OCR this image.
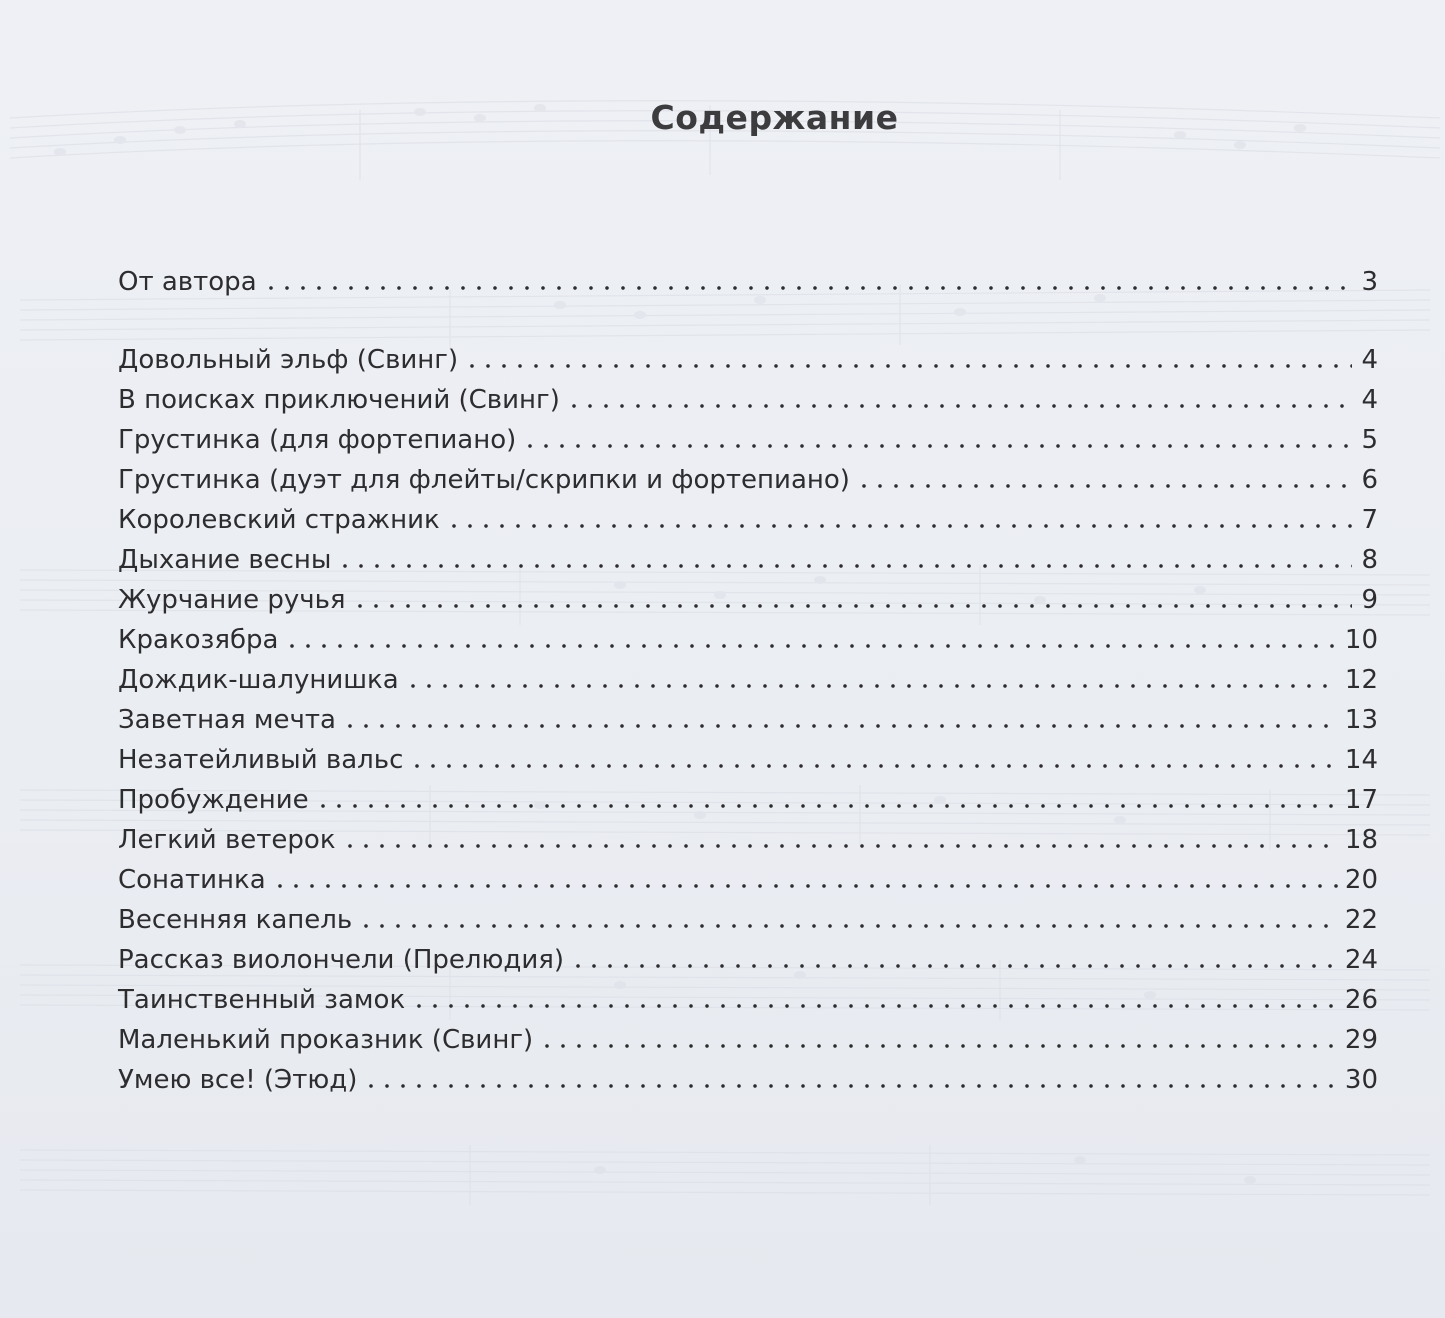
Содержание
От автора	3
Довольный эльф (Свинг)	4
В поисках приключений (Свинг)	4
Грустинка (для фортепиано)	5
Грустинка (дуэт для флейты/скрипки и фортепиано)	6
Королевский стражник	7
Дыхание весны	8
Журчание ручья	9
Кракозябра	10
Дождик-шалунишка	12
Заветная мечта	13
Незатейливый вальс	14
Пробуждение	17
Легкий ветерок	18
Сонатинка	20
Весенняя капель	22
Рассказ виолончели (Прелюдия)	24
Таинственный замок	26
Маленький проказник (Свинг)	29
Умею все! (Этюд)	30
